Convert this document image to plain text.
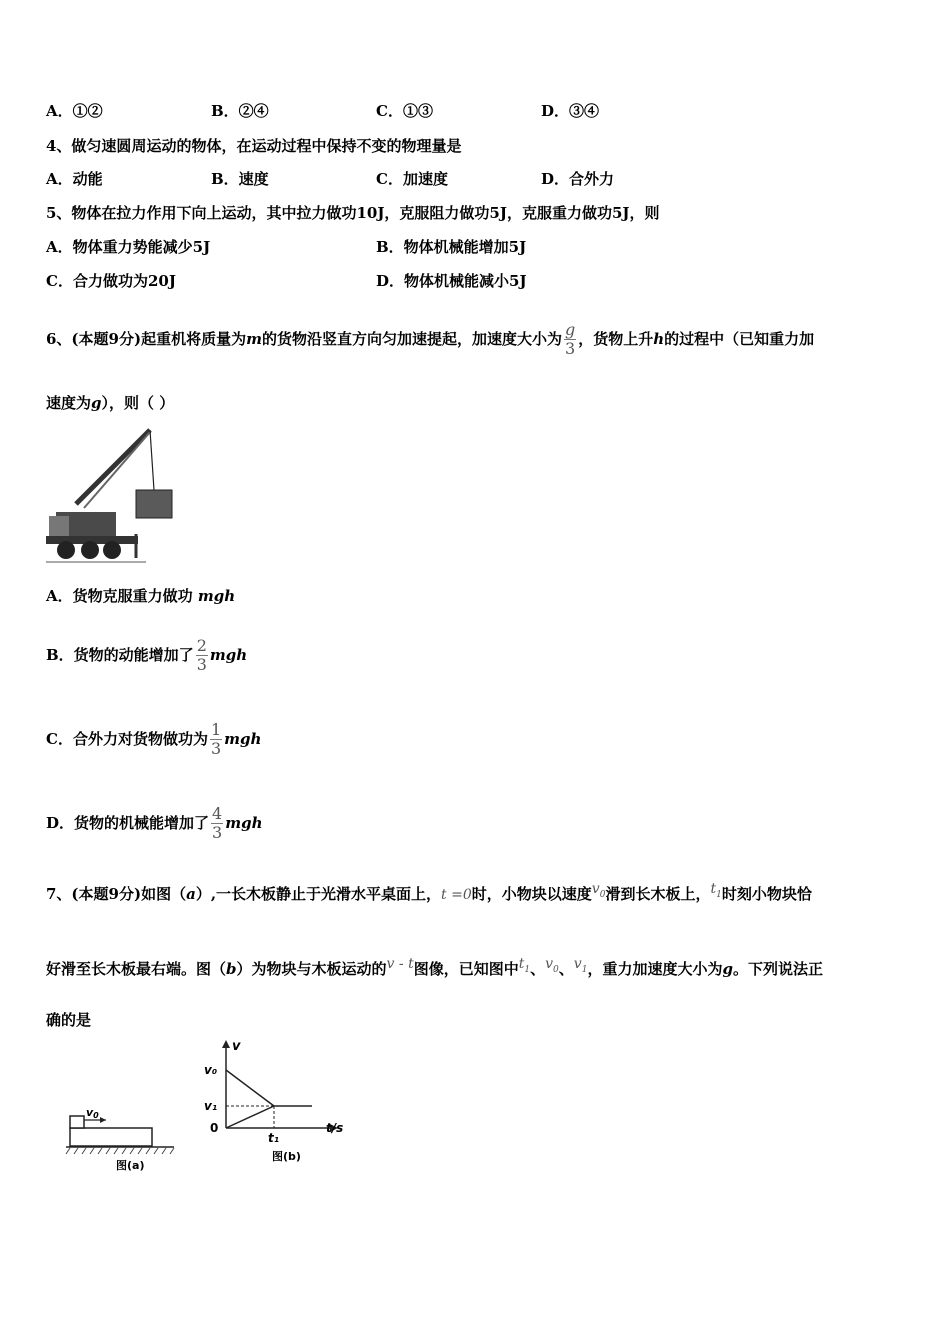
A．①②	B．②④	C．①③	D．③④
4、做匀速圆周运动的物体，在运动过程中保持不变的物理量是
A．动能	B．速度	C．加速度	D．合外力
5、物体在拉力作用下向上运动，其中拉力做功10J，克服阻力做功5J，克服重力做功5J，则
A．物体重力势能减少5J	B．物体机械能增加5J
C．合力做功为20J	D．物体机械能减小5J
6、(本题9分)起重机将质量为 m 的货物沿竖直方向匀加速提起，加速度大小为 $\frac{g}{3}$ ，货物上升 h 的过程中（已知重力加
速度为g），则（ ）
A．货物克服重力做功 mgh
B．货物的动能增加了 $\frac{2}{3}$ mgh
C．合外力对货物做功为 $\frac{1}{3}$ mgh
D．货物的机械能增加了 $\frac{4}{3}$ mgh
7、(本题9分)如图（a）,一长木板静止于光滑水平桌面上，t =0时，小物块以速度$v_0$滑到长木板上，$t_1$时刻小物块恰
好滑至长木板最右端。图（b）为物块与木板运动的v - t图像，已知图中$t_1$、$v_0$、$v_1$，重力加速度大小为g。下列说法正
确的是
v0
图(a)
v
v₀
v₁
0
t₁
t/s
图(b)
